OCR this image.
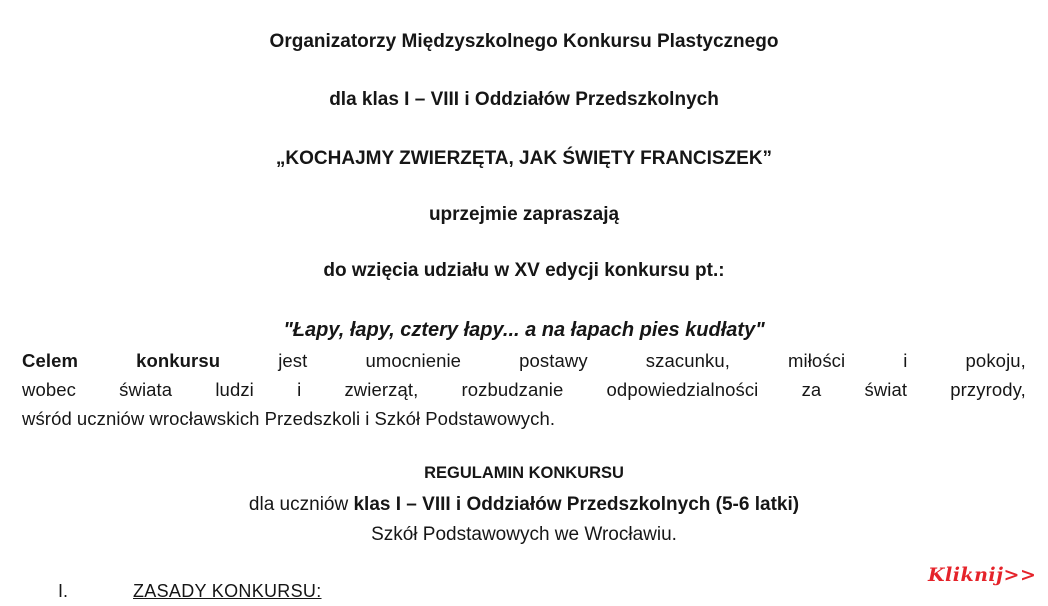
Organizatorzy Międzyszkolnego Konkursu Plastycznego
dla klas I – VIII i Oddziałów Przedszkolnych
„KOCHAJMY ZWIERZĘTA, JAK ŚWIĘTY FRANCISZEK”
uprzejmie zapraszają
do wzięcia udziału w XV edycji konkursu pt.:
"Łapy, łapy, cztery łapy... a na łapach pies kudłaty"
Celem	konkursu	jest	umocnienie	postawy	szacunku,	miłości	i	pokoju,
wobec świata ludzi i zwierząt, rozbudzanie odpowiedzialności za świat przyrody,
wśród uczniów wrocławskich Przedszkoli i Szkół Podstawowych.
REGULAMIN KONKURSU
dla uczniów klas I – VIII i Oddziałów Przedszkolnych (5-6 latki)
Szkół Podstawowych we Wrocławiu.
I.	ZASADY KONKURSU:
Kliknij>>
